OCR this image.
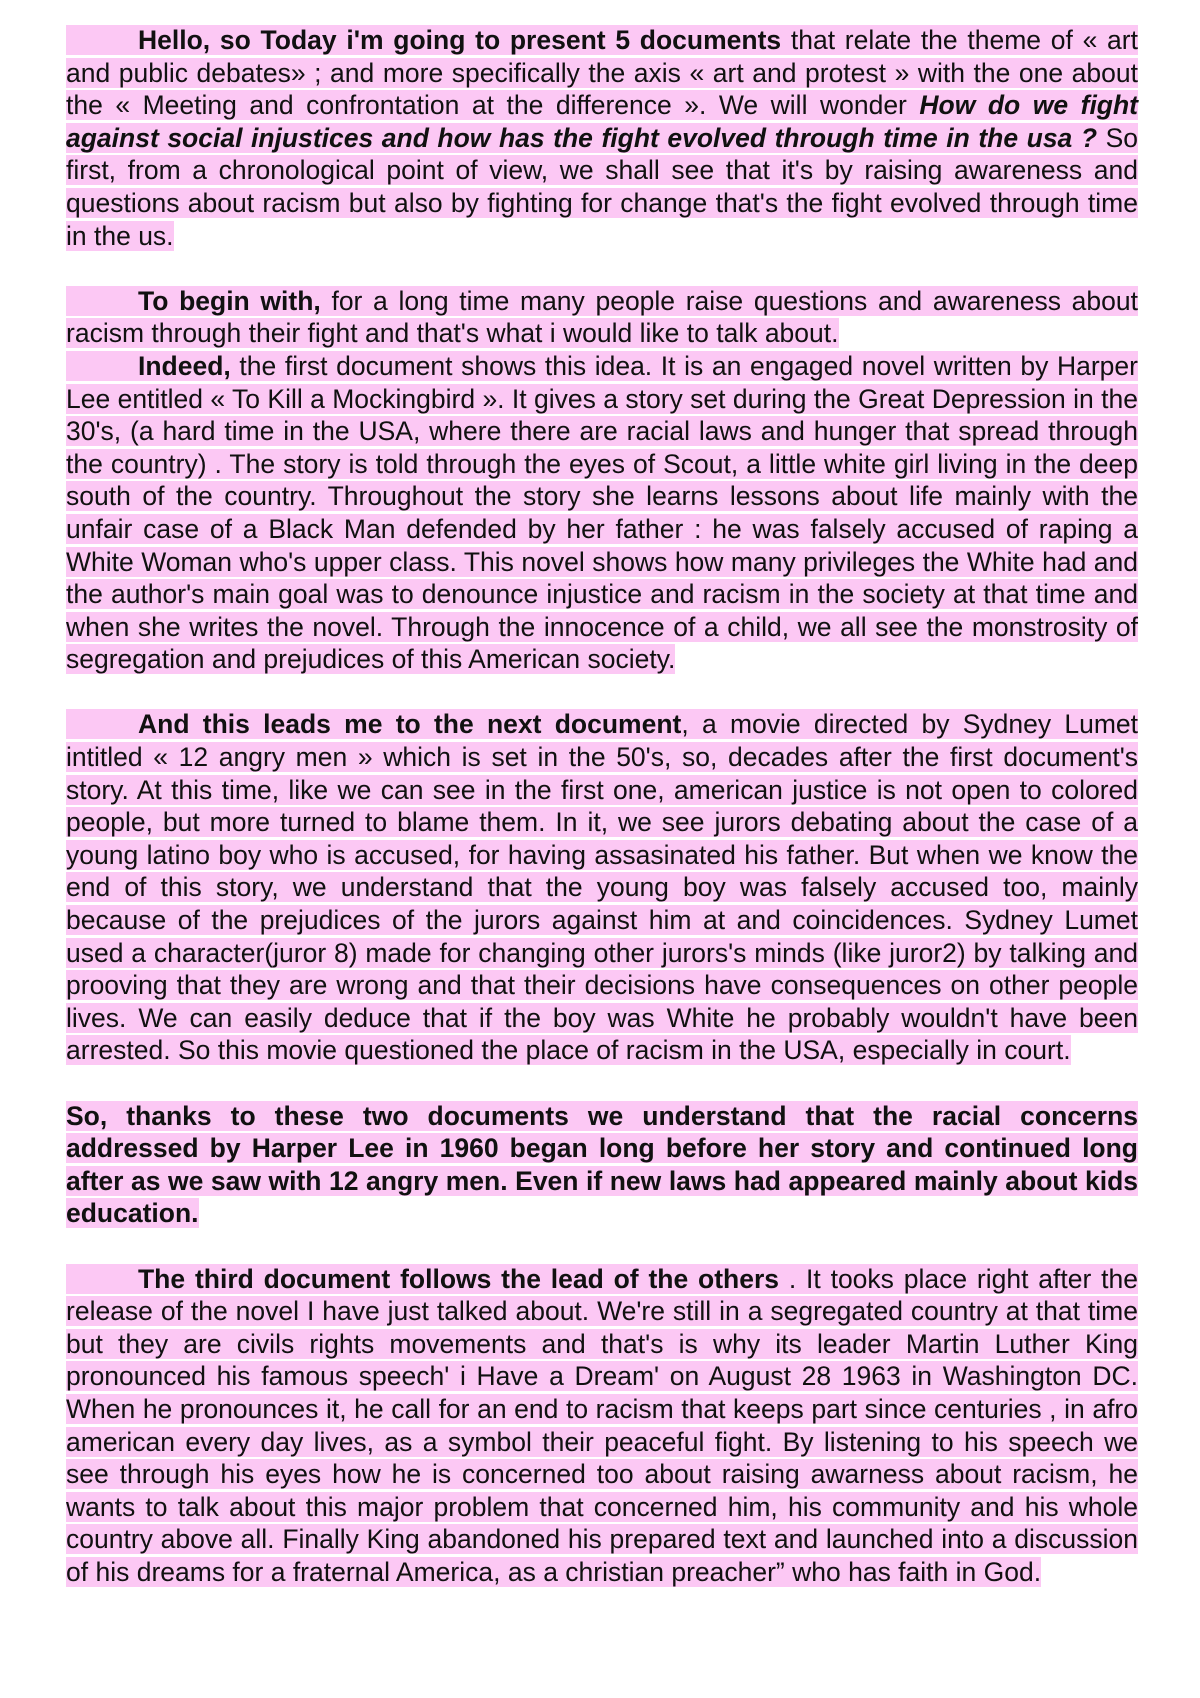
Hello, so Today i'm going to present 5 documents that relate the theme of « art and public debates» ; and more specifically the axis « art and protest » with the one about the « Meeting and confrontation at the difference ». We will wonder How do we fight against social injustices and how has the fight evolved through time in the usa ? So first, from a chronological point of view, we shall see that it's by raising awareness and questions about racism but also by fighting for change that's the fight evolved through time in the us.

To begin with, for a long time many people raise questions and awareness about racism through their fight and that's what i would like to talk about.

Indeed, the first document shows this idea. It is an engaged novel written by Harper Lee entitled « To Kill a Mockingbird ». It gives a story set during the Great Depression in the 30's, (a hard time in the USA, where there are racial laws and hunger that spread through the country) . The story is told through the eyes of Scout, a little white girl living in the deep south of the country. Throughout the story she learns lessons about life mainly with the unfair case of a Black Man defended by her father : he was falsely accused of raping a White Woman who's upper class. This novel shows how many privileges the White had and the author's main goal was to denounce injustice and racism in the society at that time and when she writes the novel. Through the innocence of a child, we all see the monstrosity of segregation and prejudices of this American society.

And this leads me to the next document, a movie directed by Sydney Lumet intitled « 12 angry men » which is set in the 50's, so, decades after the first document's story. At this time, like we can see in the first one, american justice is not open to colored people, but more turned to blame them. In it, we see jurors debating about the case of a young latino boy who is accused, for having assasinated his father. But when we know the end of this story, we understand that the young boy was falsely accused too, mainly because of the prejudices of the jurors against him at and coincidences. Sydney Lumet used a character(juror 8) made for changing other jurors's minds (like juror2) by talking and prooving that they are wrong and that their decisions have consequences on other people lives. We can easily deduce that if the boy was White he probably wouldn't have been arrested. So this movie questioned the place of racism in the USA, especially in court.

So, thanks to these two documents we understand that the racial concerns addressed by Harper Lee in 1960 began long before her story and continued long after as we saw with 12 angry men. Even if new laws had appeared mainly about kids education.

The third document follows the lead of the others . It tooks place right after the release of the novel I have just talked about. We're still in a segregated country at that time but they are civils rights movements and that's is why its leader Martin Luther King pronounced his famous speech' i Have a Dream' on August 28 1963 in Washington DC. When he pronounces it, he call for an end to racism that keeps part since centuries , in afro american every day lives, as a symbol their peaceful fight. By listening to his speech we see through his eyes how he is concerned too about raising awarness about racism, he wants to talk about this major problem that concerned him, his community and his whole country above all. Finally King abandoned his prepared text and launched into a discussion of his dreams for a fraternal America, as a christian preacher” who has faith in God.
